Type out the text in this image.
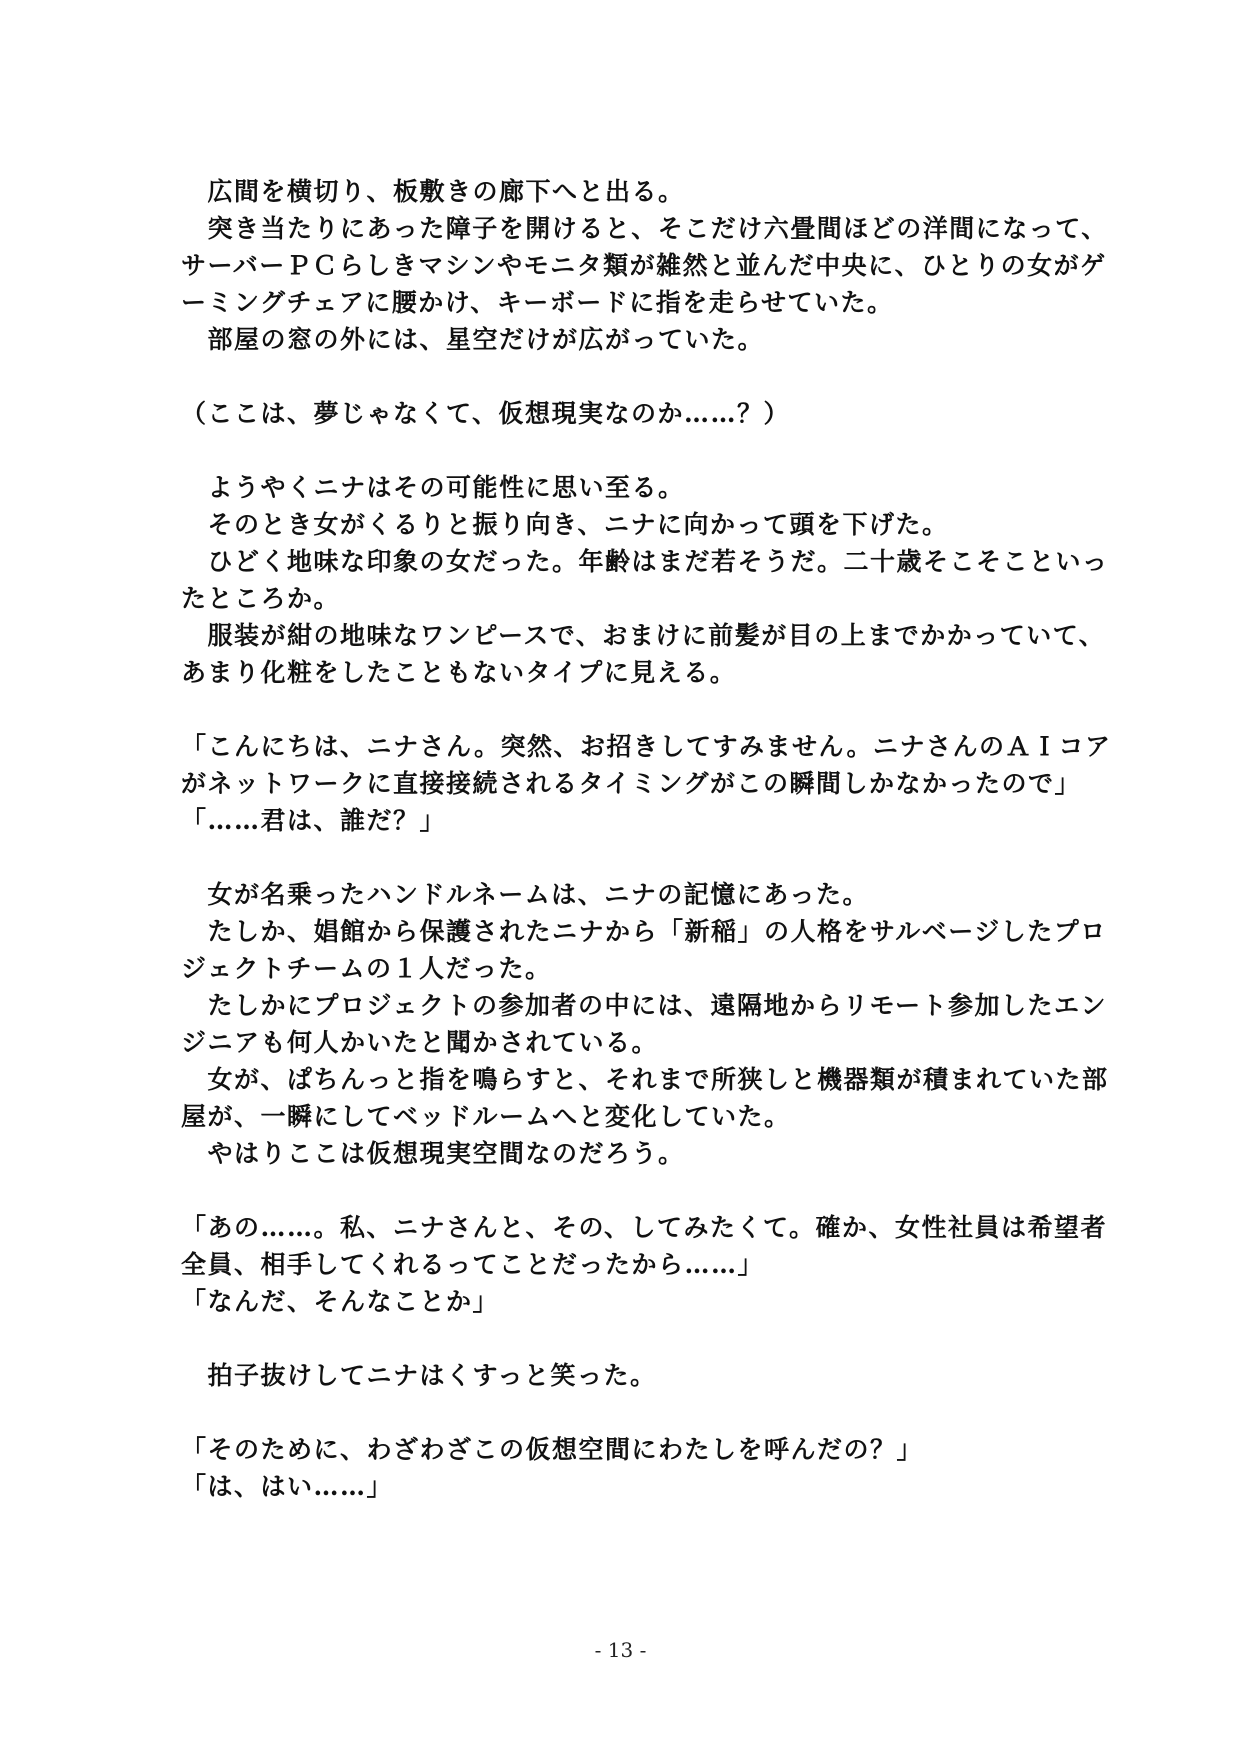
　広間を横切り、板敷きの廊下へと出る。
　突き当たりにあった障子を開けると、そこだけ六畳間ほどの洋間になって、
サーバーＰＣらしきマシンやモニタ類が雑然と並んだ中央に、ひとりの女がゲ
ーミングチェアに腰かけ、キーボードに指を走らせていた。
　部屋の窓の外には、星空だけが広がっていた。
（ここは、夢じゃなくて、仮想現実なのか……？）
　ようやくニナはその可能性に思い至る。
　そのとき女がくるりと振り向き、ニナに向かって頭を下げた。
　ひどく地味な印象の女だった。年齢はまだ若そうだ。二十歳そこそこといっ
たところか。
　服装が紺の地味なワンピースで、おまけに前髪が目の上までかかっていて、
あまり化粧をしたこともないタイプに見える。
「こんにちは、ニナさん。突然、お招きしてすみません。ニナさんのＡＩコア
がネットワークに直接接続されるタイミングがこの瞬間しかなかったので」
「……君は、誰だ？」
　女が名乗ったハンドルネームは、ニナの記憶にあった。
　たしか、娼館から保護されたニナから「新稲」の人格をサルベージしたプロ
ジェクトチームの１人だった。
　たしかにプロジェクトの参加者の中には、遠隔地からリモート参加したエン
ジニアも何人かいたと聞かされている。
　女が、ぱちんっと指を鳴らすと、それまで所狭しと機器類が積まれていた部
屋が、一瞬にしてベッドルームへと変化していた。
　やはりここは仮想現実空間なのだろう。
「あの……。私、ニナさんと、その、してみたくて。確か、女性社員は希望者
全員、相手してくれるってことだったから……」
「なんだ、そんなことか」
　拍子抜けしてニナはくすっと笑った。
「そのために、わざわざこの仮想空間にわたしを呼んだの？」
「は、はい……」
- 13 -
